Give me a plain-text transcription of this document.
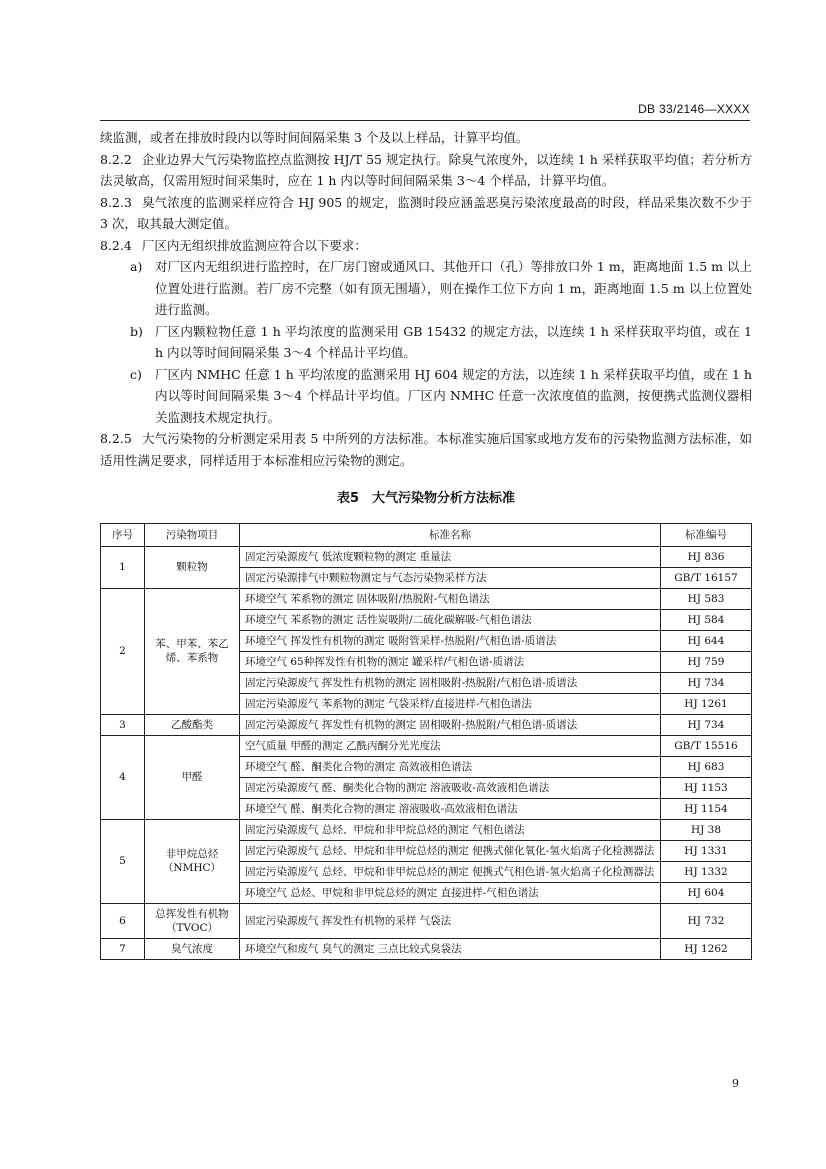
DB 33/2146—XXXX

续监测，或者在排放时段内以等时间间隔采集 3 个及以上样品，计算平均值。

8.2.2 企业边界大气污染物监控点监测按 HJ/T 55 规定执行。除臭气浓度外，以连续 1 h 采样获取平均值；若分析方法灵敏高，仅需用短时间采集时，应在 1 h 内以等时间间隔采集 3～4 个样品，计算平均值。

8.2.3 臭气浓度的监测采样应符合 HJ 905 的规定，监测时段应涵盖恶臭污染浓度最高的时段，样品采集次数不少于 3 次，取其最大测定值。

8.2.4 厂区内无组织排放监测应符合以下要求：

a)	对厂区内无组织进行监控时，在厂房门窗或通风口、其他开口（孔）等排放口外 1 m，距离地面 1.5 m 以上位置处进行监测。若厂房不完整（如有顶无围墙），则在操作工位下方向 1 m，距离地面 1.5 m 以上位置处进行监测。
b) 厂区内颗粒物任意 1 h 平均浓度的监测采用 GB 15432 的规定方法，以连续 1 h 采样获取平均值，或在 1 h 内以等时间间隔采集 3～4 个样品计平均值。
c)	厂区内 NMHC 任意 1 h 平均浓度的监测采用 HJ 604 规定的方法，以连续 1 h 采样获取平均值，或在 1 h 内以等时间间隔采集 3～4 个样品计平均值。厂区内 NMHC 任意一次浓度值的监测，按便携式监测仪器相关监测技术规定执行。

8.2.5 大气污染物的分析测定采用表 5 中所列的方法标准。本标准实施后国家或地方发布的污染物监测方法标准，如适用性满足要求，同样适用于本标准相应污染物的测定。

表5　大气污染物分析方法标准
序号	污染物项目	标准名称	标准编号
1	颗粒物	固定污染源废气 低浓度颗粒物的测定 重量法	HJ 836
		固定污染源排气中颗粒物测定与气态污染物采样方法	GB/T 16157
2	苯、甲苯、苯乙烯、苯系物	环境空气 苯系物的测定 固体吸附/热脱附-气相色谱法	HJ 583
		环境空气 苯系物的测定 活性炭吸附/二硫化碳解吸-气相色谱法	HJ 584
		环境空气 挥发性有机物的测定 吸附管采样-热脱附/气相色谱-质谱法	HJ 644
		环境空气 65种挥发性有机物的测定 罐采样/气相色谱-质谱法	HJ 759
		固定污染源废气 挥发性有机物的测定 固相吸附-热脱附/气相色谱-质谱法	HJ 734
		固定污染源废气 苯系物的测定 气袋采样/直接进样-气相色谱法	HJ 1261
3	乙酸酯类	固定污染源废气 挥发性有机物的测定 固相吸附-热脱附/气相色谱-质谱法	HJ 734
4	甲醛	空气质量 甲醛的测定 乙酰丙酮分光光度法	GB/T 15516
		环境空气 醛、酮类化合物的测定 高效液相色谱法	HJ 683
		固定污染源废气 醛、酮类化合物的测定 溶液吸收-高效液相色谱法	HJ 1153
		环境空气 醛、酮类化合物的测定 溶液吸收-高效液相色谱法	HJ 1154
5	非甲烷总烃（NMHC）	固定污染源废气 总烃、甲烷和非甲烷总烃的测定 气相色谱法	HJ 38
		固定污染源废气 总烃、甲烷和非甲烷总烃的测定 便携式催化氧化-氢火焰离子化检测器法	HJ 1331
		固定污染源废气 总烃、甲烷和非甲烷总烃的测定 便携式气相色谱-氢火焰离子化检测器法	HJ 1332
		环境空气 总烃、甲烷和非甲烷总烃的测定 直接进样-气相色谱法	HJ 604
6	总挥发性有机物（TVOC）	固定污染源废气 挥发性有机物的采样 气袋法	HJ 732
7	臭气浓度	环境空气和废气 臭气的测定 三点比较式臭袋法	HJ 1262
9
